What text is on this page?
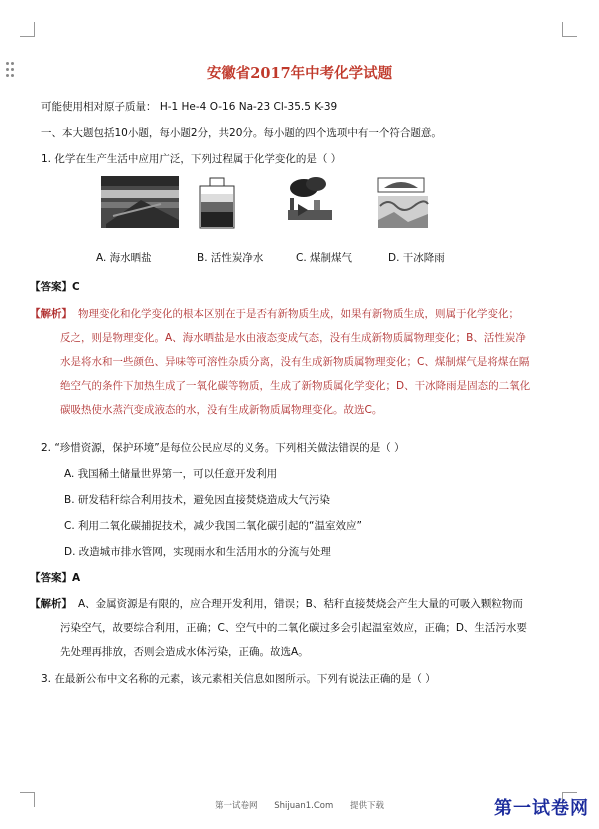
安徽省2017年中考化学试题
可能使用相对原子质量： H-1 He-4 O-16 Na-23 Cl-35.5 K-39
一、本大题包括10小题，每小题2分，共20分。每小题的四个选项中有一个符合题意。
1. 化学在生产生活中应用广泛，下列过程属于化学变化的是（ ）
A. 海水晒盐	B. 活性炭净水	C. 煤制煤气	D. 干冰降雨
【答案】C
【解析】 物理变化和化学变化的根本区别在于是否有新物质生成，如果有新物质生成，则属于化学变化；
反之，则是物理变化。A、海水晒盐是水由液态变成气态，没有生成新物质属物理变化；B、活性炭净
水是将水和一些颜色、异味等可溶性杂质分离，没有生成新物质属物理变化；C、煤制煤气是将煤在隔
绝空气的条件下加热生成了一氧化碳等物质，生成了新物质属化学变化；D、干冰降雨是固态的二氧化
碳吸热使水蒸汽变成液态的水，没有生成新物质属物理变化。故选C。
2. “珍惜资源，保护环境”是每位公民应尽的义务。下列相关做法错误的是（ ）
A. 我国稀土储量世界第一，可以任意开发利用
B. 研发秸秆综合利用技术，避免因直接焚烧造成大气污染
C. 利用二氧化碳捕捉技术，减少我国二氧化碳引起的“温室效应”
D. 改造城市排水管网，实现雨水和生活用水的分流与处理
【答案】A
【解析】 A、金属资源是有限的，应合理开发利用，错误；B、秸秆直接焚烧会产生大量的可吸入颗粒物而
污染空气，故要综合利用，正确；C、空气中的二氧化碳过多会引起温室效应，正确；D、生活污水要
先处理再排放，否则会造成水体污染，正确。故选A。
3. 在最新公布中文名称的元素，该元素相关信息如图所示。下列有说法正确的是（ ）
第一试卷网 Shijuan1.Com 提供下载	第一试卷网
